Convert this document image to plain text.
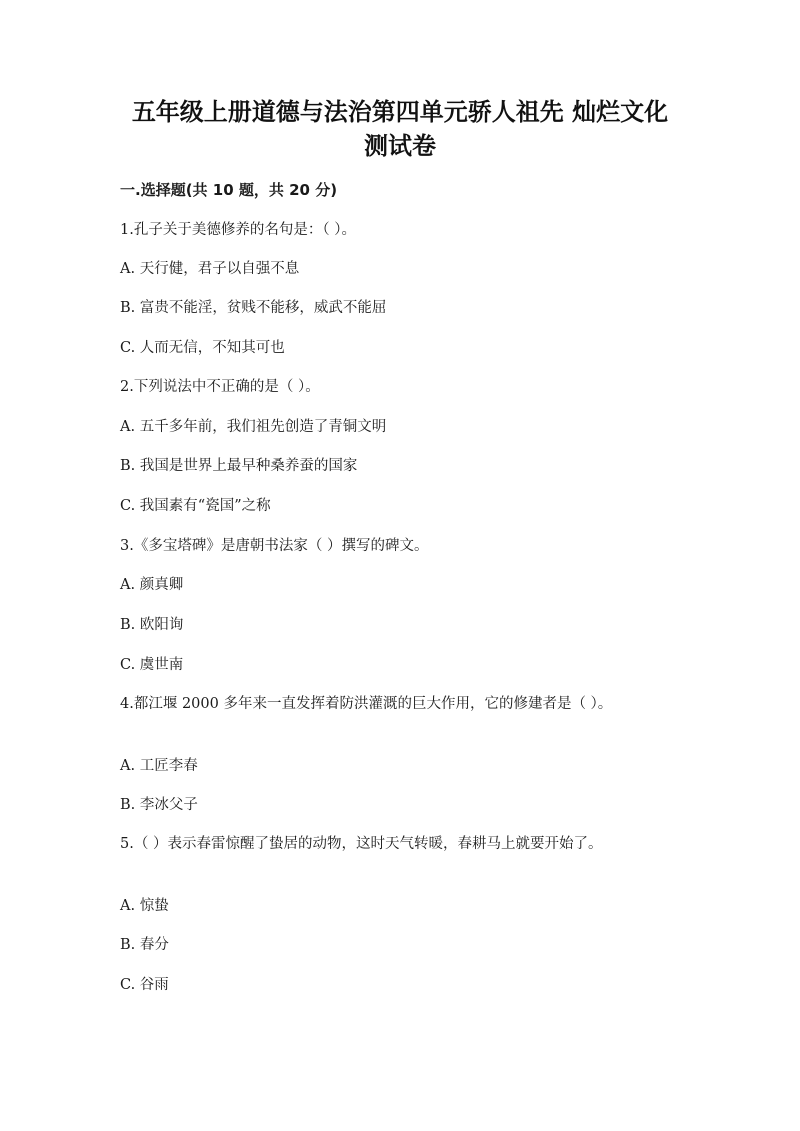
五年级上册道德与法治第四单元骄人祖先 灿烂文化
测试卷
一.选择题(共 10 题，共 20 分)
1.孔子关于美德修养的名句是：（ ）。
A. 天行健，君子以自强不息
B. 富贵不能淫，贫贱不能移，威武不能屈
C. 人而无信，不知其可也
2.下列说法中不正确的是（ ）。
A. 五千多年前，我们祖先创造了青铜文明
B. 我国是世界上最早种桑养蚕的国家
C. 我国素有“瓷国”之称
3.《多宝塔碑》是唐朝书法家（ ）撰写的碑文。
A. 颜真卿
B. 欧阳询
C. 虞世南
4.都江堰 2000 多年来一直发挥着防洪灌溉的巨大作用，它的修建者是（ ）。
A. 工匠李春
B. 李冰父子
5.（ ）表示春雷惊醒了蛰居的动物，这时天气转暖，春耕马上就要开始了。
A. 惊蛰
B. 春分
C. 谷雨
